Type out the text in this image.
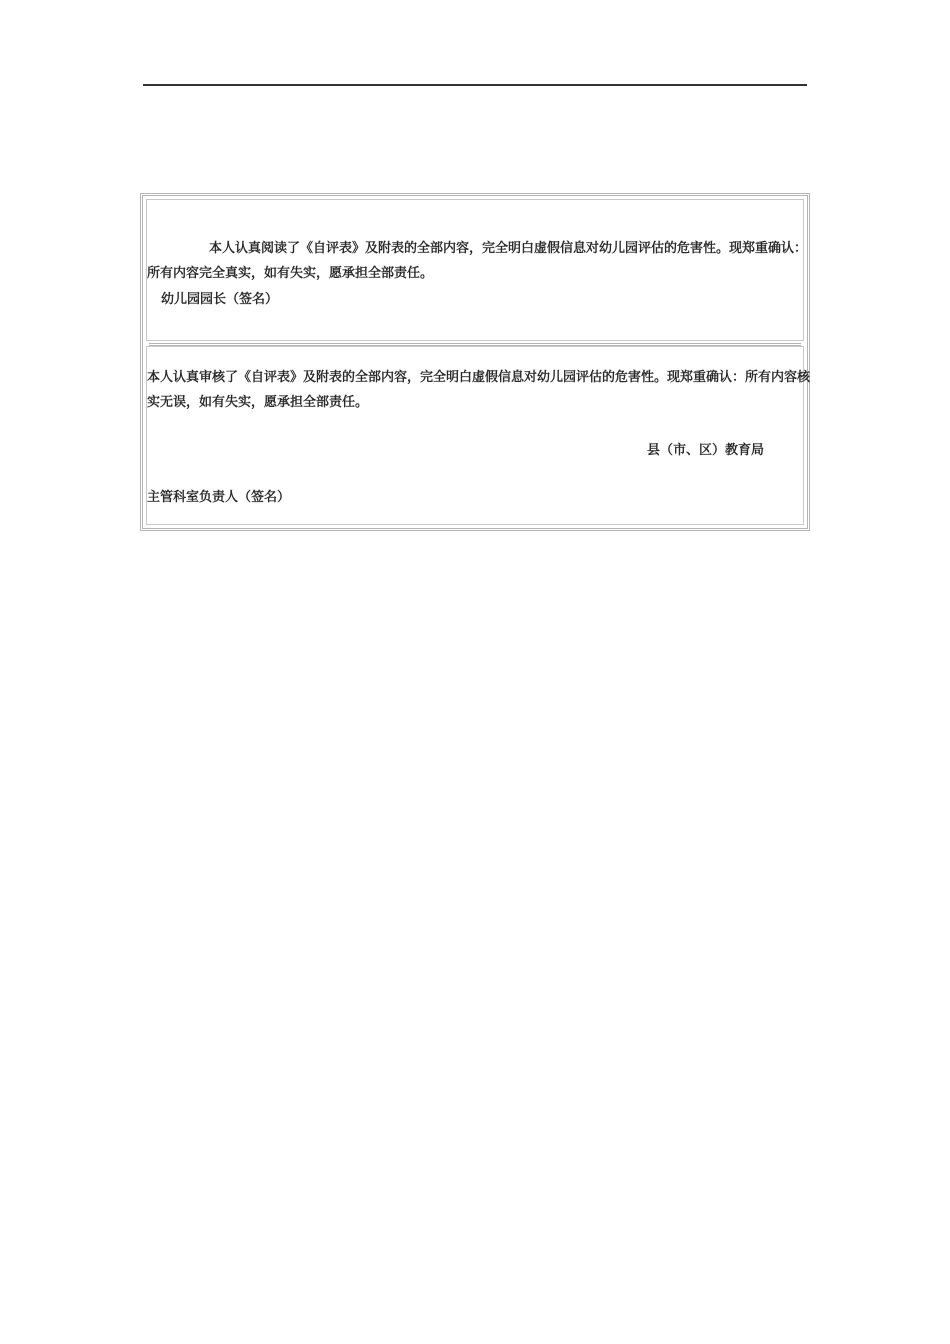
本人认真阅读了《自评表》及附表的全部内容，完全明白虚假信息对幼儿园评估的危害性。现郑重确认：所有内容完全真实，如有失实，愿承担全部责任。
幼儿园园长（签名）
本人认真审核了《自评表》及附表的全部内容，完全明白虚假信息对幼儿园评估的危害性。现郑重确认：所有内容核实无误，如有失实，愿承担全部责任。
县（市、区）教育局
主管科室负责人（签名）
